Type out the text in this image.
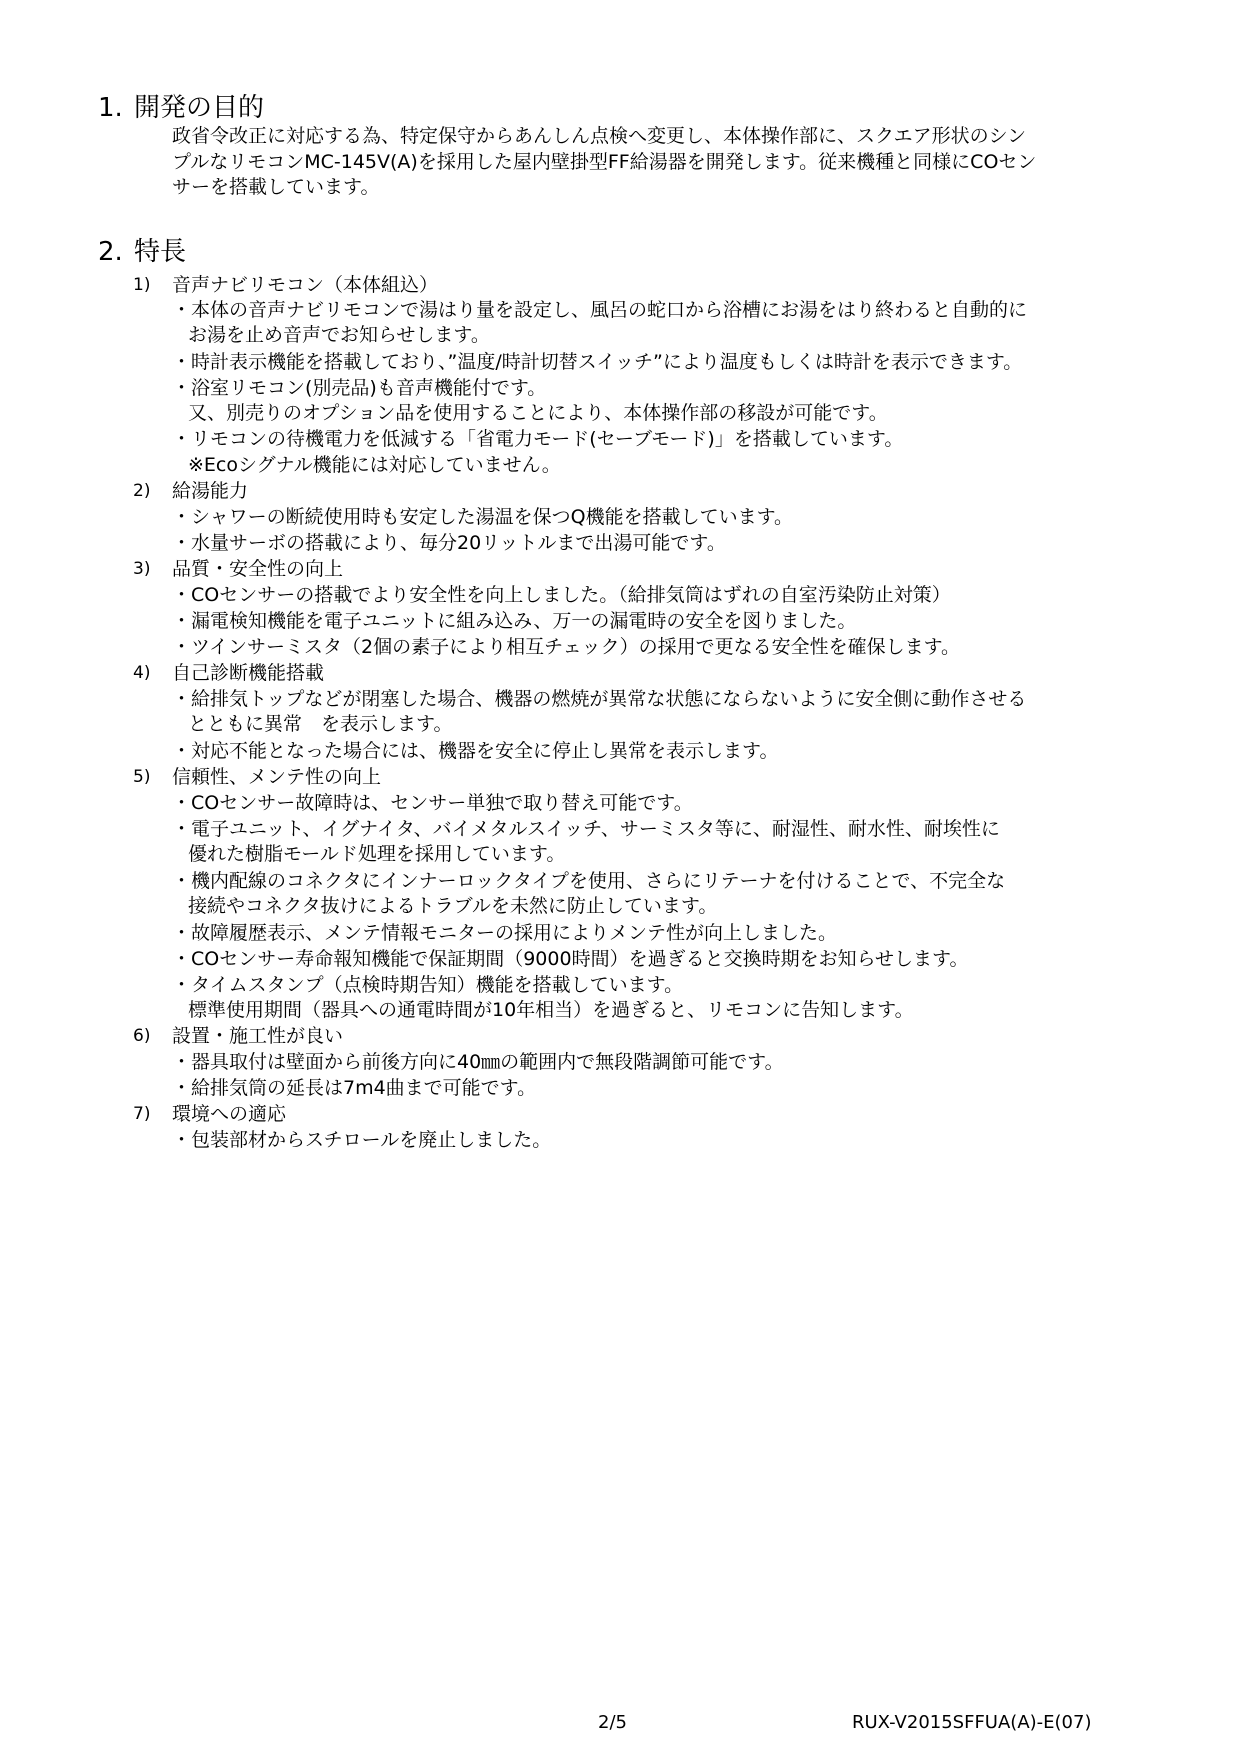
1. 開発の目的
政省令改正に対応する為、特定保守からあんしん点検へ変更し、本体操作部に、スクエア形状のシン
プルなリモコンMC-145V(A)を採用した屋内壁掛型FF給湯器を開発します。従来機種と同様にCOセン
サーを搭載しています。
2. 特長
1)	音声ナビリモコン（本体組込）
・本体の音声ナビリモコンで湯はり量を設定し、風呂の蛇口から浴槽にお湯をはり終わると自動的に
お湯を止め音声でお知らせします。
・時計表示機能を搭載しており、”温度/時計切替スイッチ”により温度もしくは時計を表示できます。
・浴室リモコン(別売品)も音声機能付です。
又、別売りのオプション品を使用することにより、本体操作部の移設が可能です。
・リモコンの待機電力を低減する「省電力モード(セーブモード)」を搭載しています。
※Ecoシグナル機能には対応していません。
2)	給湯能力
・シャワーの断続使用時も安定した湯温を保つQ機能を搭載しています。
・水量サーボの搭載により、毎分20リットルまで出湯可能です。
3)	品質・安全性の向上
・COセンサーの搭載でより安全性を向上しました。（給排気筒はずれの自室汚染防止対策）
・漏電検知機能を電子ユニットに組み込み、万一の漏電時の安全を図りました。
・ツインサーミスタ（2個の素子により相互チェック）の採用で更なる安全性を確保します。
4)	自己診断機能搭載
・給排気トップなどが閉塞した場合、機器の燃焼が異常な状態にならないように安全側に動作させる
とともに異常　を表示します。
・対応不能となった場合には、機器を安全に停止し異常を表示します。
5)	信頼性、メンテ性の向上
・COセンサー故障時は、センサー単独で取り替え可能です。
・電子ユニット、イグナイタ、バイメタルスイッチ、サーミスタ等に、耐湿性、耐水性、耐埃性に
優れた樹脂モールド処理を採用しています。
・機内配線のコネクタにインナーロックタイプを使用、さらにリテーナを付けることで、不完全な
接続やコネクタ抜けによるトラブルを未然に防止しています。
・故障履歴表示、メンテ情報モニターの採用によりメンテ性が向上しました。
・COセンサー寿命報知機能で保証期間（9000時間）を過ぎると交換時期をお知らせします。
・タイムスタンプ（点検時期告知）機能を搭載しています。
標準使用期間（器具への通電時間が10年相当）を過ぎると、リモコンに告知します。
6)	設置・施工性が良い
・器具取付は壁面から前後方向に40㎜の範囲内で無段階調節可能です。
・給排気筒の延長は7m4曲まで可能です。
7)	環境への適応
・包装部材からスチロールを廃止しました。
2/5	RUX-V2015SFFUA(A)-E(07)
